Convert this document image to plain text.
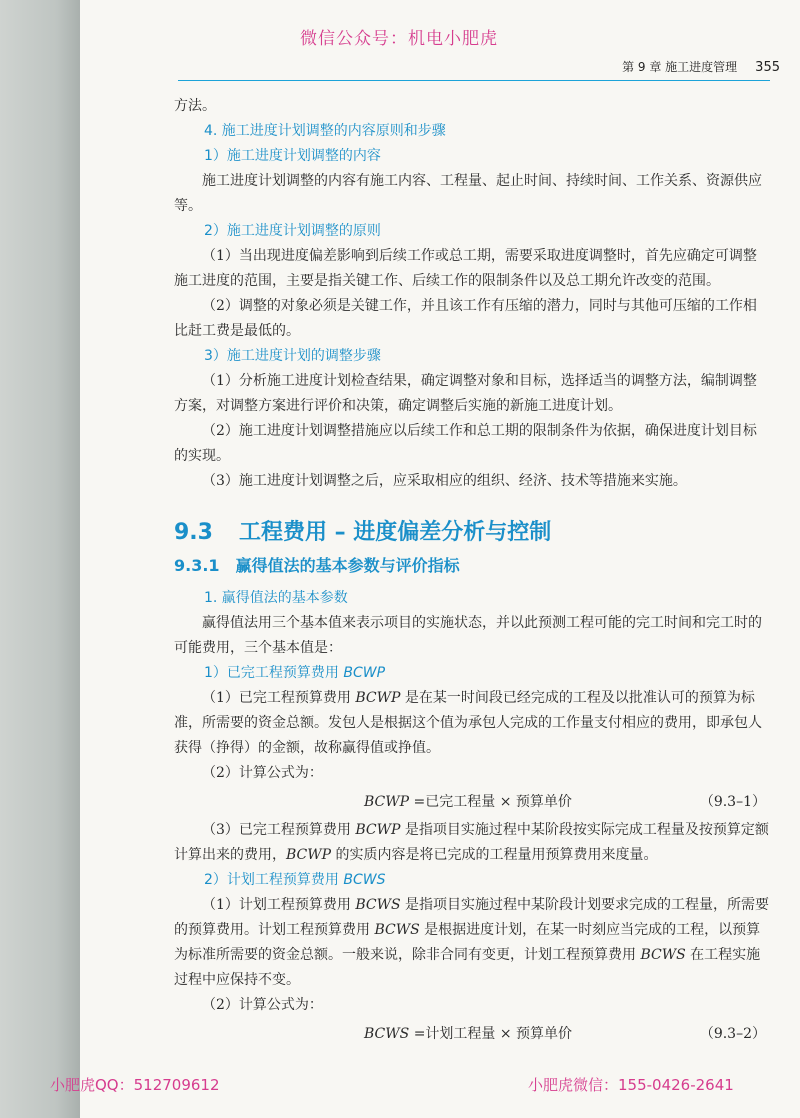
微信公众号：机电小肥虎
第 9 章 施工进度管理 355

方法。

4. 施工进度计划调整的内容原则和步骤

1）施工进度计划调整的内容

施工进度计划调整的内容有施工内容、工程量、起止时间、持续时间、工作关系、资源供应等。

2）施工进度计划调整的原则

（1）当出现进度偏差影响到后续工作或总工期，需要采取进度调整时，首先应确定可调整施工进度的范围，主要是指关键工作、后续工作的限制条件以及总工期允许改变的范围。

（2）调整的对象必须是关键工作，并且该工作有压缩的潜力，同时与其他可压缩的工作相比赶工费是最低的。

3）施工进度计划的调整步骤

（1）分析施工进度计划检查结果，确定调整对象和目标，选择适当的调整方法，编制调整方案，对调整方案进行评价和决策，确定调整后实施的新施工进度计划。

（2）施工进度计划调整措施应以后续工作和总工期的限制条件为依据，确保进度计划目标的实现。

（3）施工进度计划调整之后，应采取相应的组织、经济、技术等措施来实施。

9.3 工程费用 – 进度偏差分析与控制

9.3.1 赢得值法的基本参数与评价指标

1. 赢得值法的基本参数

赢得值法用三个基本值来表示项目的实施状态，并以此预测工程可能的完工时间和完工时的可能费用，三个基本值是：

1）已完工程预算费用 BCWP

（1）已完工程预算费用 BCWP 是在某一时间段已经完成的工程及以批准认可的预算为标准，所需要的资金总额。发包人是根据这个值为承包人完成的工作量支付相应的费用，即承包人获得（挣得）的金额，故称赢得值或挣值。

（2）计算公式为：

BCWP =已完工程量 × 预算单价	（9.3–1）

（3）已完工程预算费用 BCWP 是指项目实施过程中某阶段按实际完成工程量及按预算定额计算出来的费用，BCWP 的实质内容是将已完成的工程量用预算费用来度量。

2）计划工程预算费用 BCWS

（1）计划工程预算费用 BCWS 是指项目实施过程中某阶段计划要求完成的工程量，所需要的预算费用。计划工程预算费用 BCWS 是根据进度计划，在某一时刻应当完成的工程，以预算为标准所需要的资金总额。一般来说，除非合同有变更，计划工程预算费用 BCWS 在工程实施过程中应保持不变。

（2）计算公式为：

BCWS =计划工程量 × 预算单价	（9.3–2）
小肥虎QQ：512709612	小肥虎微信：155-0426-2641
